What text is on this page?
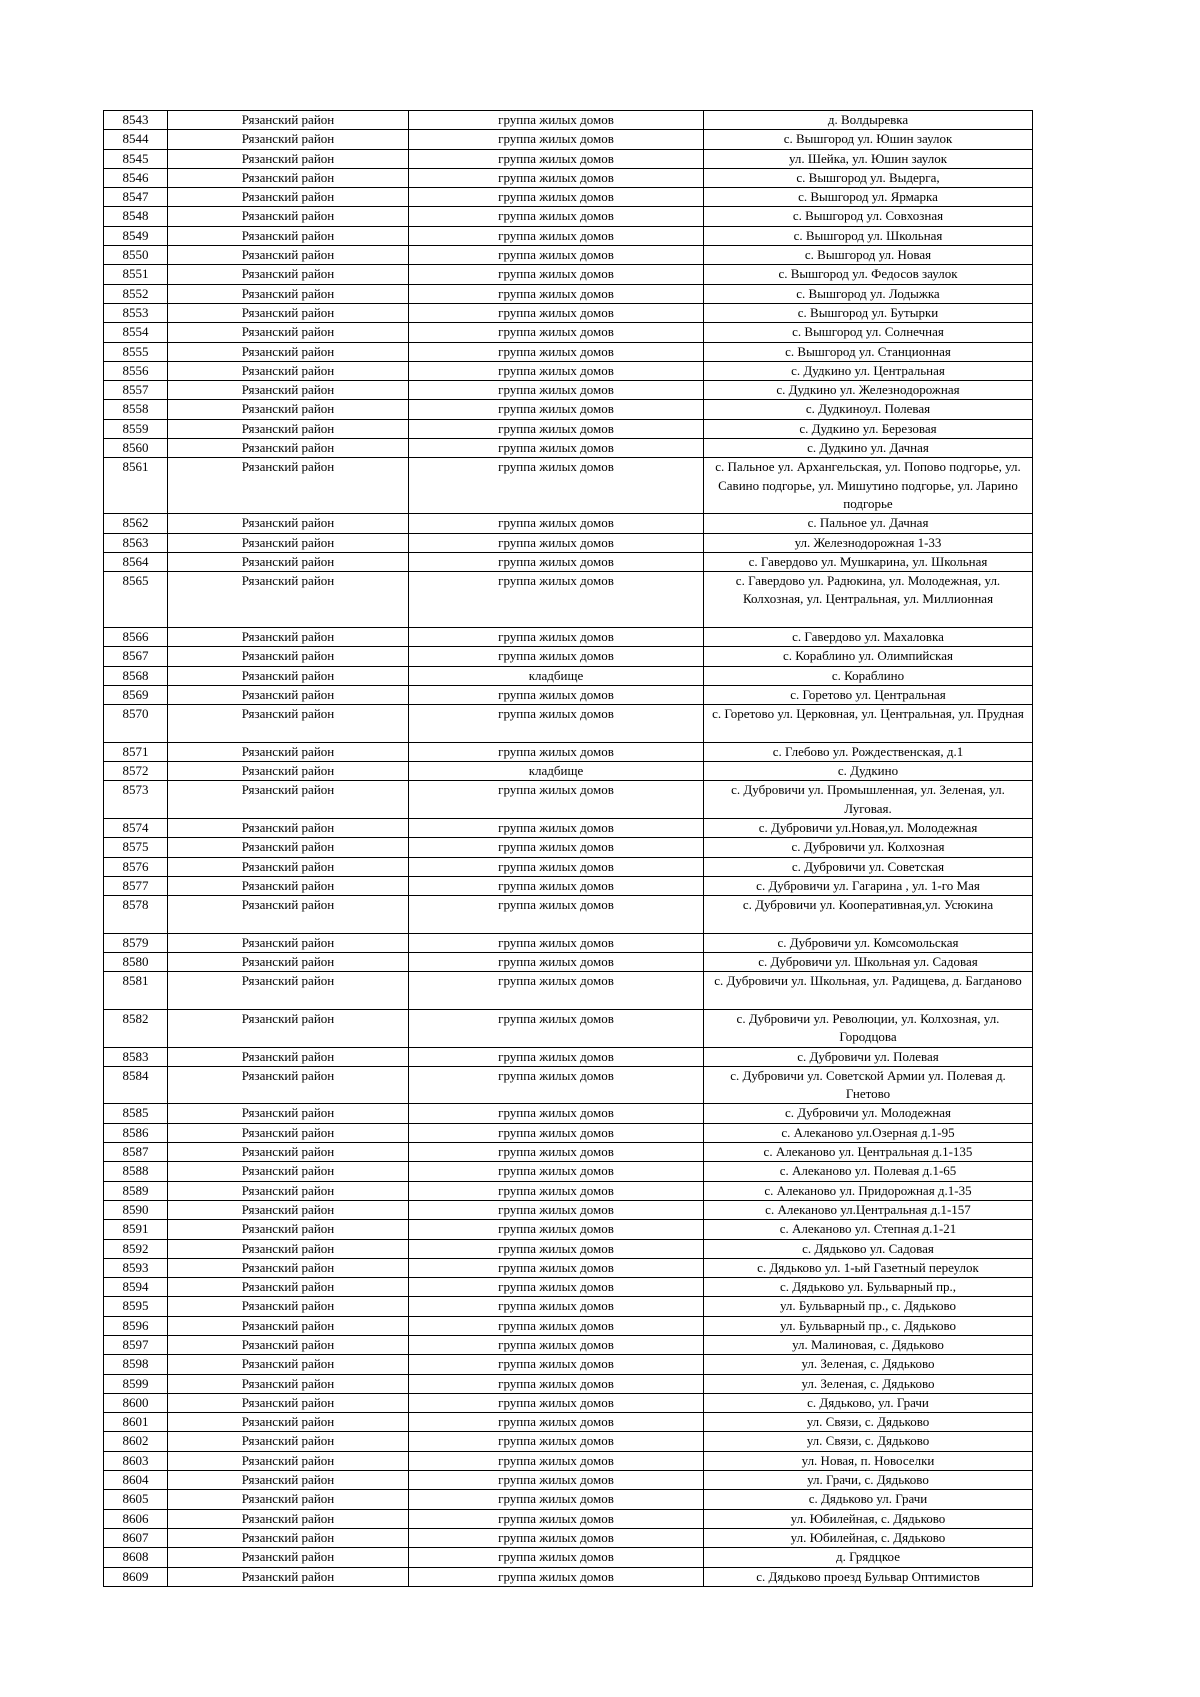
8543	Рязанский район	группа жилых домов	д. Волдыревка
8544	Рязанский район	группа жилых домов	с. Вышгород ул. Юшин заулок
8545	Рязанский район	группа жилых домов	ул. Шейка, ул. Юшин заулок
8546	Рязанский район	группа жилых домов	с. Вышгород ул. Выдерга,
8547	Рязанский район	группа жилых домов	с. Вышгород ул. Ярмарка
8548	Рязанский район	группа жилых домов	с. Вышгород ул. Совхозная
8549	Рязанский район	группа жилых домов	с. Вышгород ул. Школьная
8550	Рязанский район	группа жилых домов	с. Вышгород ул. Новая
8551	Рязанский район	группа жилых домов	с. Вышгород ул. Федосов заулок
8552	Рязанский район	группа жилых домов	с. Вышгород ул. Лодыжка
8553	Рязанский район	группа жилых домов	с. Вышгород ул. Бутырки
8554	Рязанский район	группа жилых домов	с. Вышгород ул. Солнечная
8555	Рязанский район	группа жилых домов	с. Вышгород ул. Станционная
8556	Рязанский район	группа жилых домов	с. Дудкино ул. Центральная
8557	Рязанский район	группа жилых домов	с. Дудкино ул. Железнодорожная
8558	Рязанский район	группа жилых домов	с. Дудкиноул. Полевая
8559	Рязанский район	группа жилых домов	с. Дудкино ул. Березовая
8560	Рязанский район	группа жилых домов	с. Дудкино ул. Дачная
8561	Рязанский район	группа жилых домов	с. Пальное ул. Архангельская, ул. Попово подгорье, ул. Савино подгорье, ул. Мишутино подгорье, ул. Ларино подгорье
8562	Рязанский район	группа жилых домов	с. Пальное ул. Дачная
8563	Рязанский район	группа жилых домов	ул. Железнодорожная 1-33
8564	Рязанский район	группа жилых домов	с. Гавердово ул. Мушкарина, ул. Школьная
8565	Рязанский район	группа жилых домов	с. Гавердово ул. Радюкина, ул. Молодежная, ул. Колхозная, ул. Центральная, ул. Миллионная
8566	Рязанский район	группа жилых домов	с. Гавердово ул. Махаловка
8567	Рязанский район	группа жилых домов	с. Кораблино ул. Олимпийская
8568	Рязанский район	кладбище	с. Кораблино
8569	Рязанский район	группа жилых домов	с. Горетово ул. Центральная
8570	Рязанский район	группа жилых домов	с. Горетово ул. Церковная, ул. Центральная, ул. Прудная
8571	Рязанский район	группа жилых домов	с. Глебово ул. Рождественская, д.1
8572	Рязанский район	кладбище	с. Дудкино
8573	Рязанский район	группа жилых домов	с. Дубровичи ул. Промышленная, ул. Зеленая, ул. Луговая.
8574	Рязанский район	группа жилых домов	с. Дубровичи ул.Новая,ул. Молодежная
8575	Рязанский район	группа жилых домов	с. Дубровичи ул. Колхозная
8576	Рязанский район	группа жилых домов	с. Дубровичи ул. Советская
8577	Рязанский район	группа жилых домов	с. Дубровичи ул. Гагарина , ул. 1-го Мая
8578	Рязанский район	группа жилых домов	с. Дубровичи ул. Кооперативная,ул. Усюкина
8579	Рязанский район	группа жилых домов	с. Дубровичи ул. Комсомольская
8580	Рязанский район	группа жилых домов	с. Дубровичи ул. Школьная ул. Садовая
8581	Рязанский район	группа жилых домов	с. Дубровичи ул. Школьная, ул. Радищева, д. Багданово
8582	Рязанский район	группа жилых домов	с. Дубровичи ул. Революции, ул. Колхозная, ул. Городцова
8583	Рязанский район	группа жилых домов	с. Дубровичи ул. Полевая
8584	Рязанский район	группа жилых домов	с. Дубровичи ул. Советской Армии ул. Полевая д. Гнетово
8585	Рязанский район	группа жилых домов	с. Дубровичи ул. Молодежная
8586	Рязанский район	группа жилых домов	с. Алеканово ул.Озерная д.1-95
8587	Рязанский район	группа жилых домов	с. Алеканово ул. Центральная д.1-135
8588	Рязанский район	группа жилых домов	с. Алеканово ул. Полевая д.1-65
8589	Рязанский район	группа жилых домов	с. Алеканово ул. Придорожная д.1-35
8590	Рязанский район	группа жилых домов	с. Алеканово ул.Центральная д.1-157
8591	Рязанский район	группа жилых домов	с. Алеканово ул. Степная д.1-21
8592	Рязанский район	группа жилых домов	с. Дядьково ул. Садовая
8593	Рязанский район	группа жилых домов	с. Дядьково ул. 1-ый Газетный переулок
8594	Рязанский район	группа жилых домов	с. Дядьково ул. Бульварный пр.,
8595	Рязанский район	группа жилых домов	ул. Бульварный пр., с. Дядьково
8596	Рязанский район	группа жилых домов	ул. Бульварный пр., с. Дядьково
8597	Рязанский район	группа жилых домов	ул. Малиновая, с. Дядьково
8598	Рязанский район	группа жилых домов	ул. Зеленая, с. Дядьково
8599	Рязанский район	группа жилых домов	ул. Зеленая, с. Дядьково
8600	Рязанский район	группа жилых домов	с. Дядьково, ул. Грачи
8601	Рязанский район	группа жилых домов	ул. Связи, с. Дядьково
8602	Рязанский район	группа жилых домов	ул. Связи, с. Дядьково
8603	Рязанский район	группа жилых домов	ул. Новая, п. Новоселки
8604	Рязанский район	группа жилых домов	ул. Грачи, с. Дядьково
8605	Рязанский район	группа жилых домов	с. Дядьково ул. Грачи
8606	Рязанский район	группа жилых домов	ул. Юбилейная, с. Дядьково
8607	Рязанский район	группа жилых домов	ул. Юбилейная, с. Дядьково
8608	Рязанский район	группа жилых домов	д. Грядцкое
8609	Рязанский район	группа жилых домов	с. Дядьково проезд Бульвар Оптимистов
